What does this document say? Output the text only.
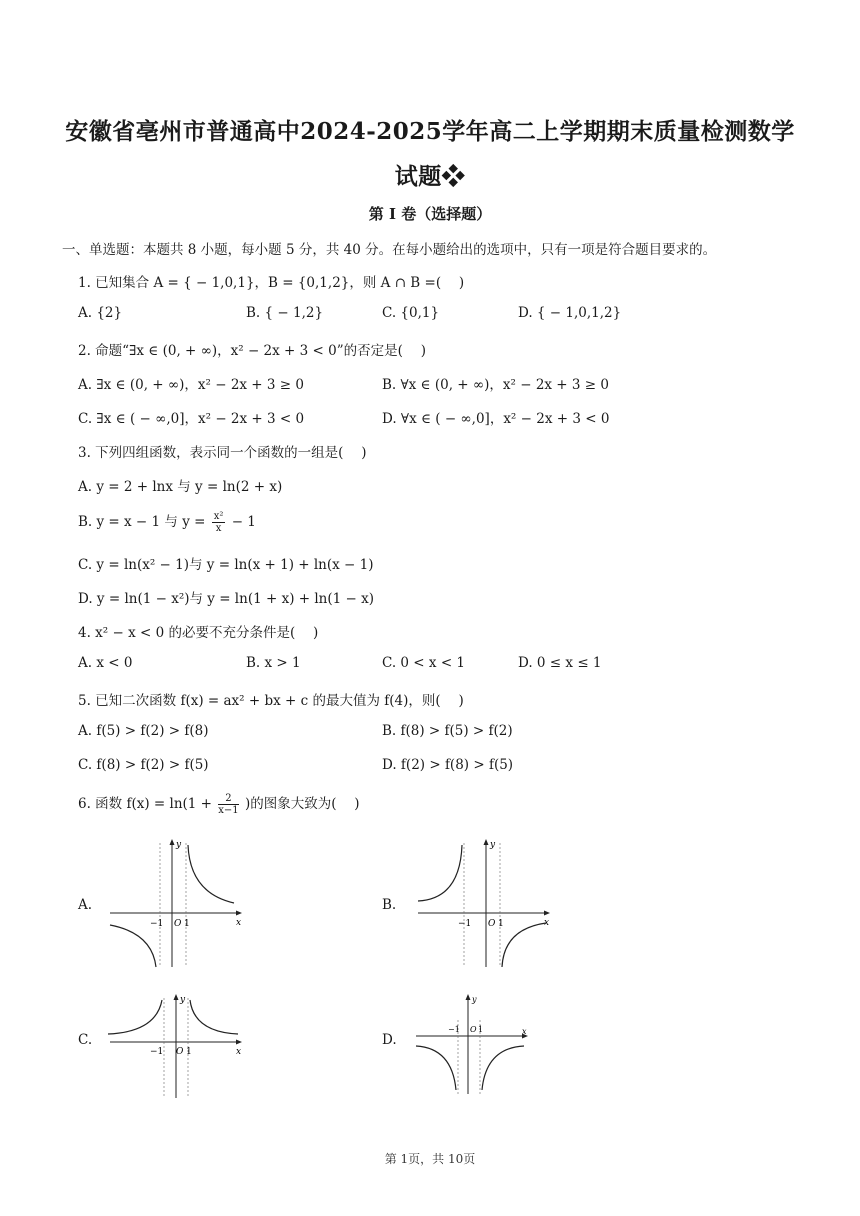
安徽省亳州市普通高中2024-2025学年高二上学期期末质量检测数学
试题❖
第 I 卷（选择题）
一、单选题：本题共 8 小题，每小题 5 分，共 40 分。在每小题给出的选项中，只有一项是符合题目要求的。
1. 已知集合 A = { − 1,0,1}，B = {0,1,2}，则 A ∩ B =(　 )
A. {2}	B. { − 1,2}	C. {0,1}	D. { − 1,0,1,2}
2. 命题“∃x ∈ (0, + ∞)，x² − 2x + 3 < 0”的否定是(　 )
A. ∃x ∈ (0, + ∞)，x² − 2x + 3 ≥ 0	B. ∀x ∈ (0, + ∞)，x² − 2x + 3 ≥ 0
C. ∃x ∈ ( − ∞,0]，x² − 2x + 3 < 0	D. ∀x ∈ ( − ∞,0]，x² − 2x + 3 < 0
3. 下列四组函数，表示同一个函数的一组是(　 )
A. y = 2 + lnx 与 y = ln(2 + x)
B. y = x − 1 与 $y = \frac{\text{x²}}{x} - 1$
C. y = ln(x² − 1)与 y = ln(x + 1) + ln(x − 1)
D. y = ln(1 − x²)与 y = ln(1 + x) + ln(1 − x)
4. x² − x < 0 的必要不充分条件是(　 )
A. x < 0	B. x > 1	C. 0 < x < 1	D. 0 ≤ x ≤ 1
5. 已知二次函数 f(x) = ax² + bx + c 的最大值为 f(4)，则(　 )
A. f(5) > f(2) > f(8)	B. f(8) > f(5) > f(2)
C. f(8) > f(2) > f(5)	D. f(2) > f(8) > f(5)
6. 函数 $f(x) = \ln(1 + \frac{2}{x-1}$ )的图象大致为(　 )
A.	B.
C.	D.
x
y
O 1
−1	x
y
O 1
−1
x
y
O 1
−1
x
y
O 1
−1
第 1页，共 10页
